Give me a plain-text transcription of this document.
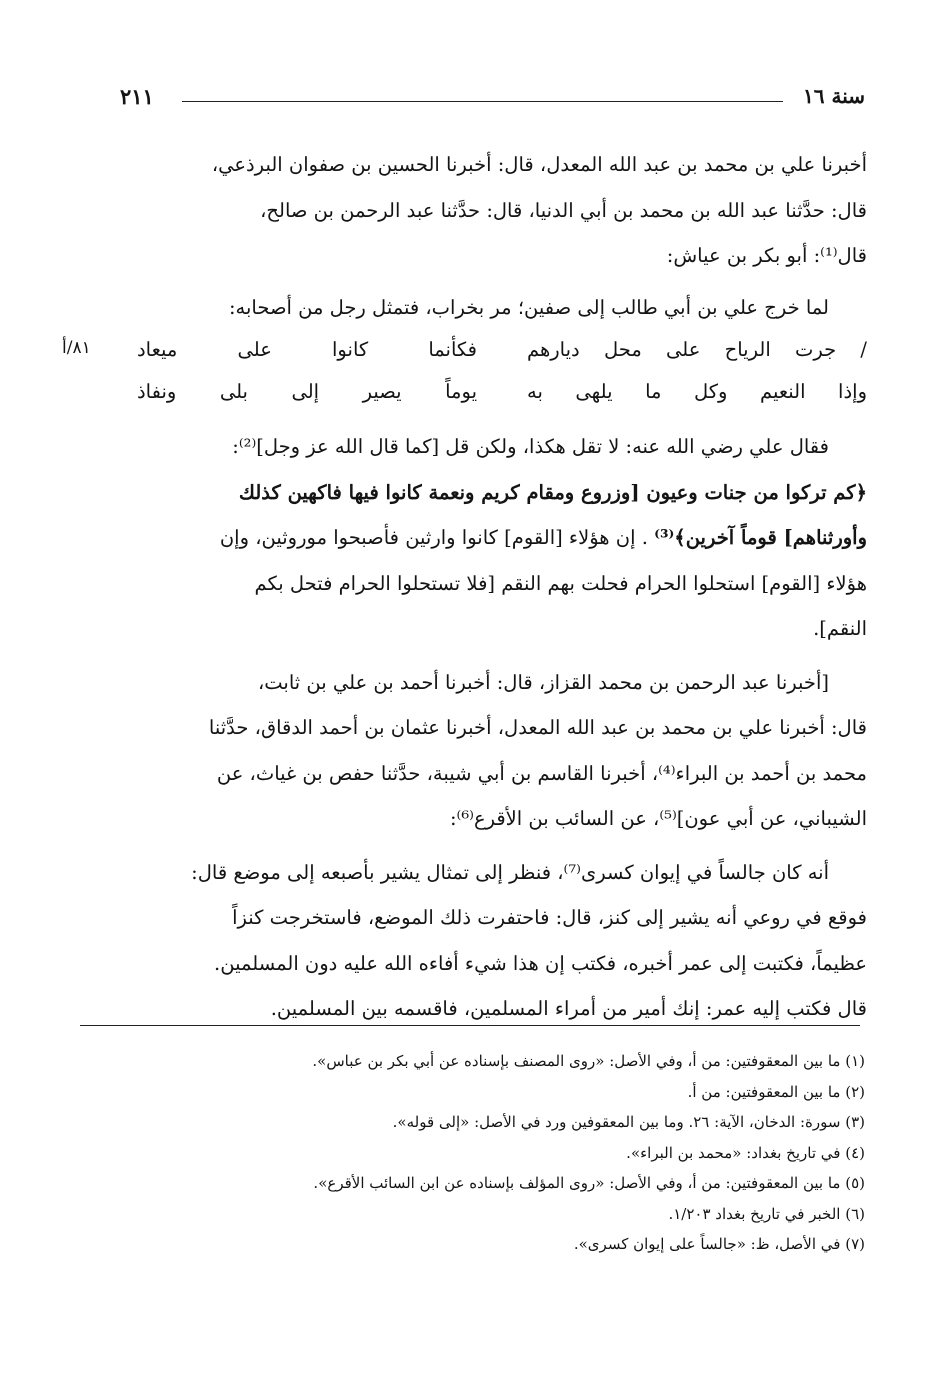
سنة ١٦
٢١١

أخبرنا علي بن محمد بن عبد الله المعدل، قال: أخبرنا الحسين بن صفوان البرذعي،
قال: حدَّثنا عبد الله بن محمد بن أبي الدنيا، قال: حدَّثنا عبد الرحمن بن صالح،
قال⁽¹⁾: أبو بكر بن عياش:

لما خرج علي بن أبي طالب إلى صفين؛ مر بخراب، فتمثل رجل من أصحابه:

/ جرت الرياح على محل ديارهم
فكأنما كانوا على ميعاد
٨١/أ
وإذا النعيم وكل ما يلهى به
يوماً يصير إلى بلى ونفاذ

فقال علي رضي الله عنه: لا تقل هكذا، ولكن قل [كما قال الله عز وجل]⁽²⁾:
﴿كم تركوا من جنات وعيون [وزروع ومقام كريم ونعمة كانوا فيها فاكهين كذلك
وأورثناهم] قوماً آخرين﴾⁽³⁾ . إن هؤلاء [القوم] كانوا وارثين فأصبحوا موروثين، وإن
هؤلاء [القوم] استحلوا الحرام فحلت بهم النقم [فلا تستحلوا الحرام فتحل بكم
النقم].

[أخبرنا عبد الرحمن بن محمد القزاز، قال: أخبرنا أحمد بن علي بن ثابت،
قال: أخبرنا علي بن محمد بن عبد الله المعدل، أخبرنا عثمان بن أحمد الدقاق، حدَّثنا
محمد بن أحمد بن البراء⁽⁴⁾، أخبرنا القاسم بن أبي شيبة، حدَّثنا حفص بن غياث، عن
الشيباني، عن أبي عون]⁽⁵⁾، عن السائب بن الأقرع⁽⁶⁾:

أنه كان جالساً في إيوان كسرى⁽⁷⁾، فنظر إلى تمثال يشير بأصبعه إلى موضع قال:
فوقع في روعي أنه يشير إلى كنز، قال: فاحتفرت ذلك الموضع، فاستخرجت كنزاً
عظيماً، فكتبت إلى عمر أخبره، فكتب إن هذا شيء أفاءه الله عليه دون المسلمين.
قال فكتب إليه عمر: إنك أمير من أمراء المسلمين، فاقسمه بين المسلمين.

(١) ما بين المعقوفتين: من أ، وفي الأصل: «روى المصنف بإسناده عن أبي بكر بن عباس».

(٢) ما بين المعقوفتين: من أ.

(٣) سورة: الدخان، الآية: ٢٦. وما بين المعقوفين ورد في الأصل: «إلى قوله».

(٤) في تاريخ بغداد: «محمد بن البراء».

(٥) ما بين المعقوفتين: من أ، وفي الأصل: «روى المؤلف بإسناده عن ابن السائب الأقرع».

(٦) الخبر في تاريخ بغداد ١/٢٠٣.

(٧) في الأصل، ظ: «جالساً على إيوان كسرى».
